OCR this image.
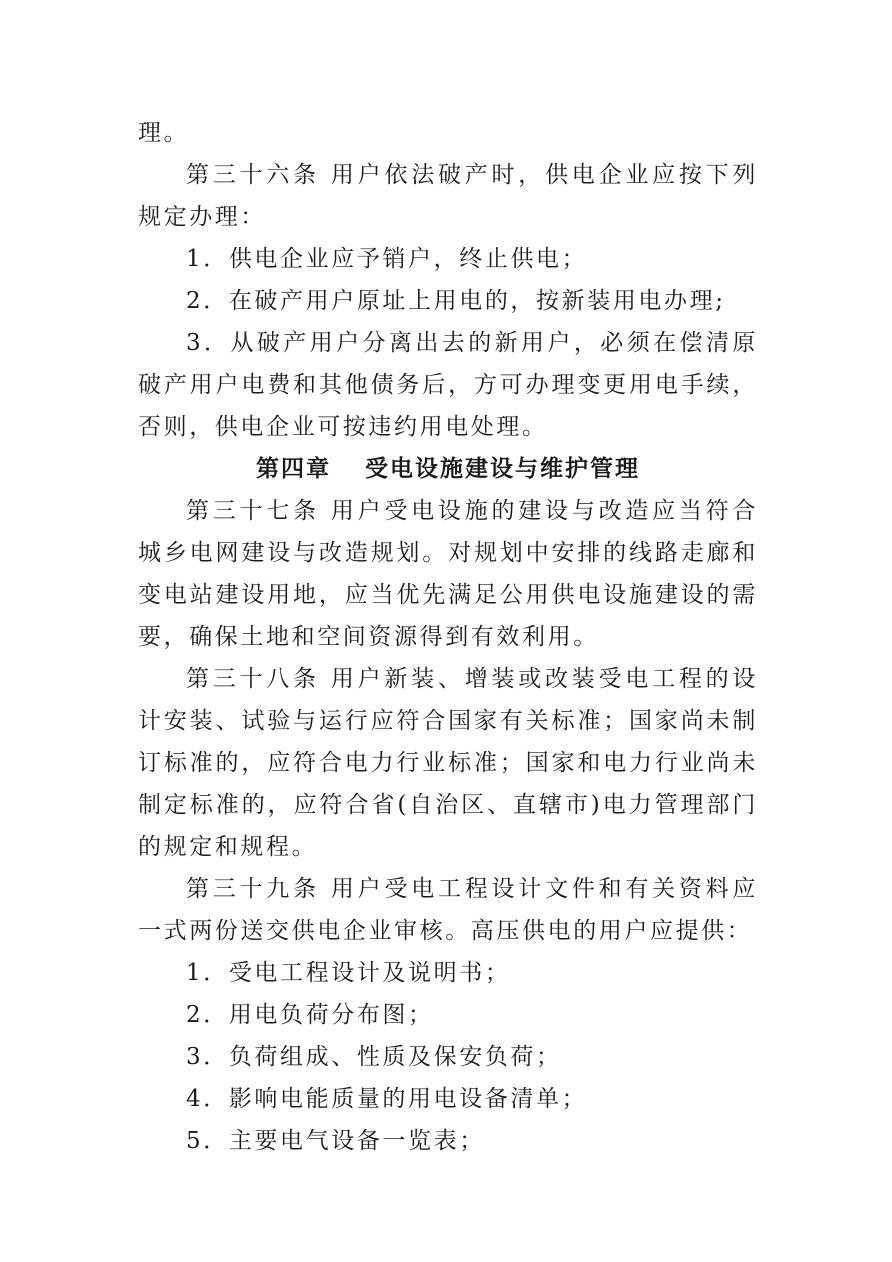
理。

第三十六条 用户依法破产时，供电企业应按下列 规定办理：

1．供电企业应予销户，终止供电；

2．在破产用户原址上用电的，按新装用电办理;

3．从破产用户分离出去的新用户，必须在偿清原破产用户电费和其他债务后，方可办理变更用电手续，否则，供电企业可按违约用电处理。

第四章 受电设施建设与维护管理

第三十七条 用户受电设施的建设与改造应当符合城乡电网建设与改造规划。对规划中安排的线路走廊和变电站建设用地，应当优先满足公用供电设施建设的需要，确保土地和空间资源得到有效利用。

第三十八条 用户新装、增装或改装受电工程的设计安装、试验与运行应符合国家有关标准；国家尚未制订标准的，应符合电力行业标准；国家和电力行业尚未制定标准的，应符合省(自治区、直辖市)电力管理部门的规定和规程。

第三十九条 用户受电工程设计文件和有关资料应一式两份送交供电企业审核。高压供电的用户应提供：

1．受电工程设计及说明书；

2．用电负荷分布图；

3．负荷组成、性质及保安负荷；

4．影响电能质量的用电设备清单；

5．主要电气设备一览表；
